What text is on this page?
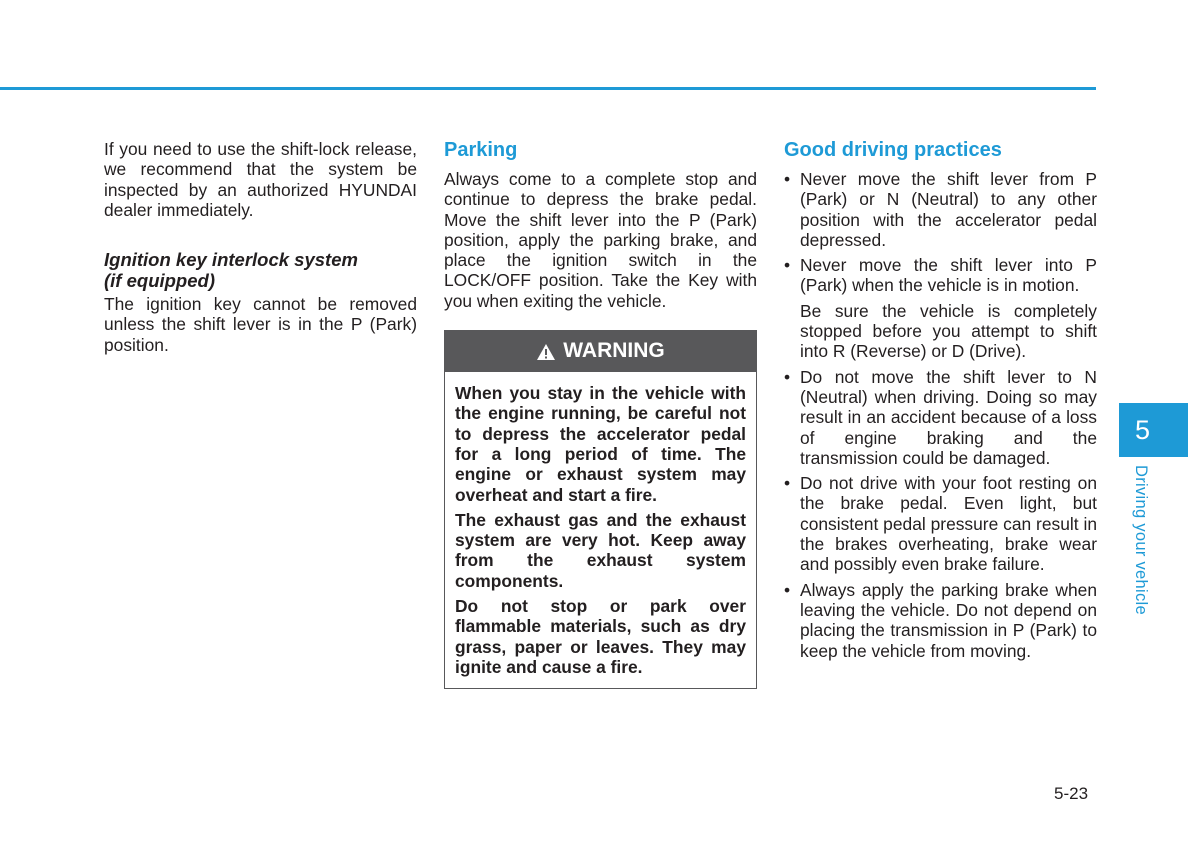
If you need to use the shift-lock release, we recommend that the system be inspected by an authorized HYUNDAI dealer immediately.

Ignition key interlock system
(if equipped)

The ignition key cannot be removed unless the shift lever is in the P (Park) position.

Parking

Always come to a complete stop and continue to depress the brake pedal. Move the shift lever into the P (Park) position, apply the parking brake, and place the ignition switch in the LOCK/OFF position. Take the Key with you when exiting the vehicle.

WARNING

When you stay in the vehicle with the engine running, be careful not to depress the accelerator pedal for a long period of time. The engine or exhaust system may overheat and start a fire.

The exhaust gas and the exhaust system are very hot. Keep away from the exhaust system components.

Do not stop or park over flammable materials, such as dry grass, paper or leaves. They may ignite and cause a fire.

Good driving practices
• Never move the shift lever from P (Park) or N (Neutral) to any other position with the accelerator pedal depressed.

• Never move the shift lever into P (Park) when the vehicle is in motion.

Be sure the vehicle is completely stopped before you attempt to shift into R (Reverse) or D (Drive).

• Do not move the shift lever to N (Neutral) when driving. Doing so may result in an accident because of a loss of engine braking and the transmission could be damaged.

• Do not drive with your foot resting on the brake pedal. Even light, but consistent pedal pressure can result in the brakes overheating, brake wear and possibly even brake failure.

• Always apply the parking brake when leaving the vehicle. Do not depend on placing the transmission in P (Park) to keep the vehicle from moving.

5
Driving your vehicle
5-23
